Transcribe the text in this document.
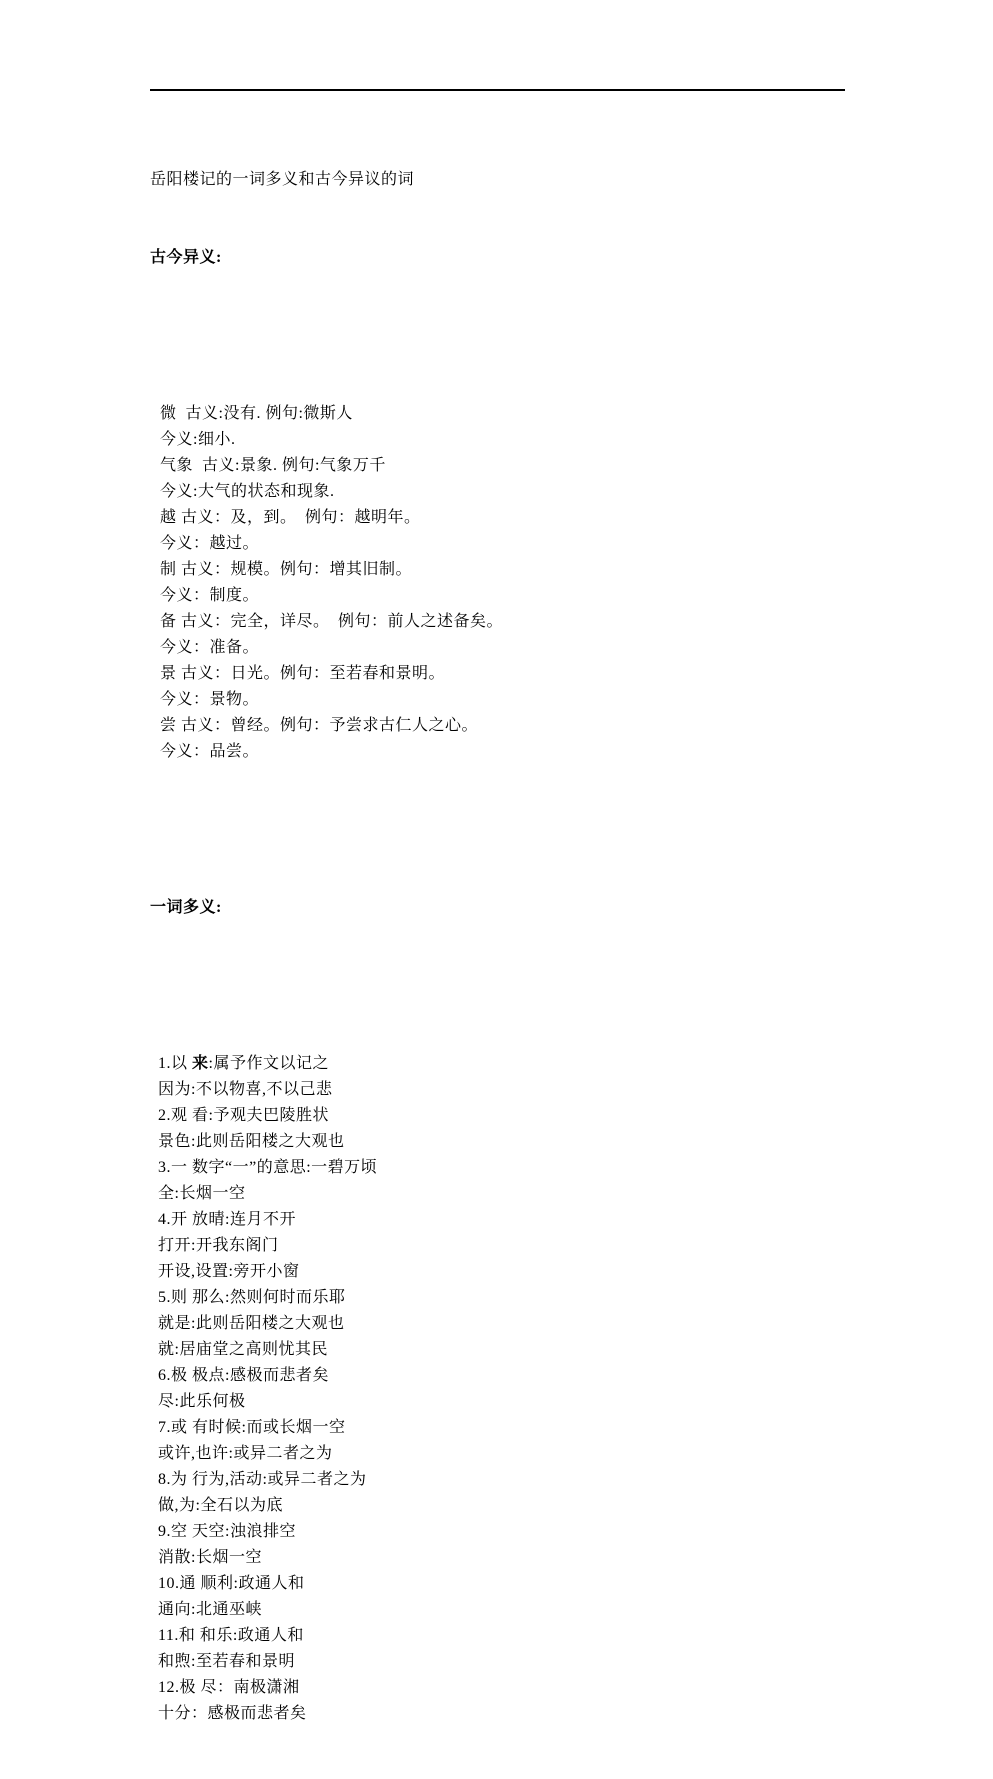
岳阳楼记的一词多义和古今异议的词

古今异义:

微  古义:没有. 例句:微斯人
今义:细小.
气象  古义:景象. 例句:气象万千
今义:大气的状态和现象.
越 古义：及，到。　例句：越明年。
今义：越过。
制 古义：规模。例句：增其旧制。
今义：制度。
备 古义：完全，详尽。　例句：前人之述备矣。
今义：准备。
景 古义：日光。例句：至若春和景明。
今义：景物。
尝 古义：曾经。例句：予尝求古仁人之心。
今义：品尝。

一词多义:

1.以 来:属予作文以记之
因为:不以物喜,不以己悲
2.观 看:予观夫巴陵胜状
景色:此则岳阳楼之大观也
3.一 数字“一”的意思:一碧万顷
全:长烟一空
4.开 放晴:连月不开
打开:开我东阁门
开设,设置:旁开小窗
5.则 那么:然则何时而乐耶
就是:此则岳阳楼之大观也
就:居庙堂之高则忧其民
6.极 极点:感极而悲者矣
尽:此乐何极
7.或 有时候:而或长烟一空
或许,也许:或异二者之为
8.为 行为,活动:或异二者之为
做,为:全石以为底
9.空 天空:浊浪排空
消散:长烟一空
10.通 顺利:政通人和
通向:北通巫峡
11.和 和乐:政通人和
和煦:至若春和景明
12.极 尽：南极潇湘
十分：感极而悲者矣
